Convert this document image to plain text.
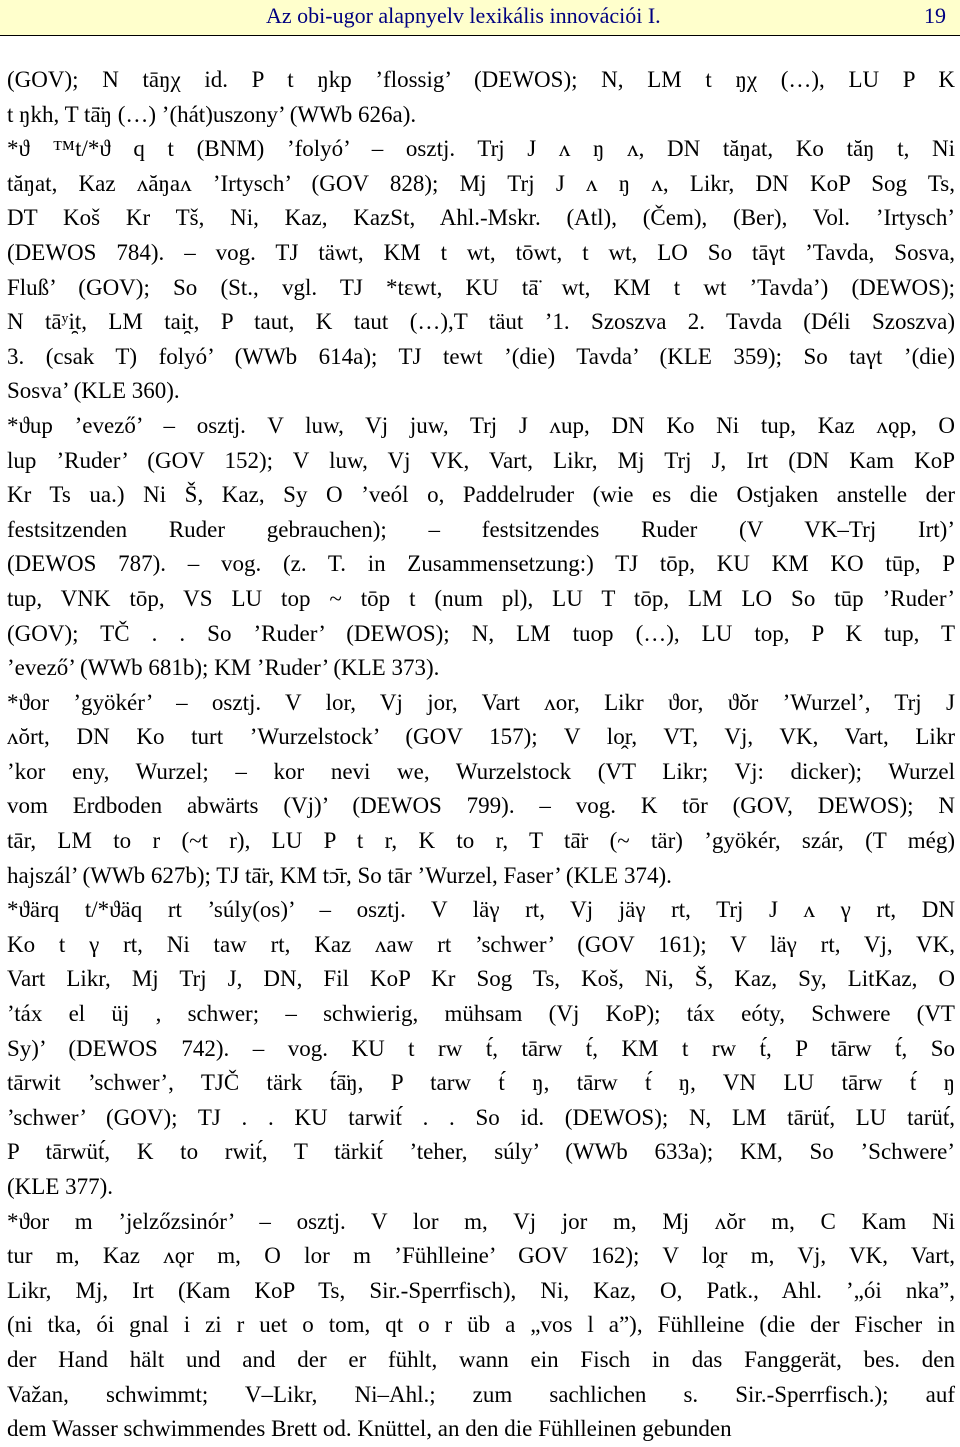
Az obi-ugor alapnyelv lexikális innovációi I.	19
(GOV); N tāŋχ id. P t ŋkp ’flossig’ (DEWOS); N, LM t ŋχ (…), LU P K
t ŋkh, T tā̈ŋ (…) ’(hát)uszony’ (WWb 626a).
*ϑ ™t/*ϑ q t (BNM) ’folyó’ – osztj. Trj J ʌ ŋ ʌ, DN tăŋat, Ko tăŋ t, Ni
tăŋat, Kaz ʌăŋaʌ ’Irtysch’ (GOV 828); Mj Trj J ʌ ŋ ʌ, Likr, DN KoP Sog Ts,
DT Koš Kr Tš, Ni, Kaz, KazSt, Ahl.-Mskr. (Atl), (Čem), (Ber), Vol. ’Irtysch’
(DEWOS 784). – vog. TJ täwt, KM t wt, tōwt, t wt, LO So tāγt ’Tavda, Sosva,
Fluß’ (GOV); So (St., vgl. TJ *tεwt, KU tā̈ wt, KM t wt ’Tavda’) (DEWOS);
N tāʸi̯t, LM tai̯t, P taut, K taut (…),T täut ’1. Szoszva 2. Tavda (Déli Szoszva)
3. (csak T) folyó’ (WWb 614a); TJ tewt ’(die) Tavda’ (KLE 359); So taγt ’(die)
Sosva’ (KLE 360).
*ϑup ’evező’ – osztj. V luw, Vj juw, Trj J ʌup, DN Ko Ni tup, Kaz ʌǫp, O
lup ’Ruder’ (GOV 152); V luw, Vj VK, Vart, Likr, Mj Trj J, Irt (DN Kam KoP
Kr Ts ua.) Ni Š, Kaz, Sy O ’veól o, Paddelruder (wie es die Ostjaken anstelle der
festsitzenden Ruder gebrauchen); – festsitzendes Ruder (V VK–Trj Irt)’
(DEWOS 787). – vog. (z. T. in Zusammensetzung:) TJ tōp, KU KM KO tūp, P
tup, VNK tōp, VS LU top ~ tōp t (num pl), LU T tōp, LM LO So tūp ’Ruder’
(GOV); TČ . . So ’Ruder’ (DEWOS); N, LM tuop (…), LU top, P K tup, T
’evező’ (WWb 681b); KM ’Ruder’ (KLE 373).
*ϑor ’gyökér’ – osztj. V lor, Vj jor, Vart ʌor, Likr ϑor, ϑŏr ’Wurzel’, Trj J
ʌŏrt, DN Ko turt ’Wurzelstock’ (GOV 157); V lo̭r, VT, Vj, VK, Vart, Likr
’kor eny, Wurzel; – kor nevi we, Wurzelstock (VT Likr; Vj: dicker); Wurzel
vom Erdboden abwärts (Vj)’ (DEWOS 799). – vog. K tōr (GOV, DEWOS); N
tār, LM to r (~t r), LU P t r, K to r, T tā̈r (~ tär) ’gyökér, szár, (T még)
hajszál’ (WWb 627b); TJ tā̈r, KM tɔ̄r, So tār ’Wurzel, Faser’ (KLE 374).
*ϑärq t/*ϑäq rt ’súly(os)’ – osztj. V läγ rt, Vj jäγ rt, Trj J ʌ γ rt, DN
Ko t γ rt, Ni taw rt, Kaz ʌaw rt ’schwer’ (GOV 161); V läγ rt, Vj, VK,
Vart Likr, Mj Trj J, DN, Fil KoP Kr Sog Ts, Koš, Ni, Š, Kaz, Sy, LitKaz, O
’táx el üj , schwer; – schwierig, mühsam (Vj KoP); táx eóty, Schwere (VT
Sy)’ (DEWOS 742). – vog. KU t rw t́, tārw t́, KM t rw t́, P tārw t́, So
tārwit ’schwer’, TJČ tärk t́ā̈ŋ, P tarw t́ ŋ, tārw t́ ŋ, VN LU tārw t́ ŋ
’schwer’ (GOV); TJ . . KU tarwit́ . . So id. (DEWOS); N, LM tārüt́, LU tarüt́,
P tārwüt́, K to rwit́, T tärkit́ ’teher, súly’ (WWb 633a); KM, So ’Schwere’
(KLE 377).
*ϑor m ’jelzőzsinór’ – osztj. V lor m, Vj jor m, Mj ʌŏr m, C Kam Ni
tur m, Kaz ʌǫr m, O lor m ’Fühlleine’ GOV 162); V lo̭r m, Vj, VK, Vart,
Likr, Mj, Irt (Kam KoP Ts, Sir.-Sperrfisch), Ni, Kaz, O, Patk., Ahl. ’„ói nka”,
(ni tka, ói gnal i zi r uet o tom, qt o r üb a „vos l a”), Fühlleine (die der Fischer in
der Hand hält und and der er fühlt, wann ein Fisch in das Fanggerät, bes. den
Važan, schwimmt; V–Likr, Ni–Ahl.; zum sachlichen s. Sir.-Sperrfisch.); auf
dem Wasser schwimmendes Brett od. Knüttel, an den die Fühlleinen gebunden
